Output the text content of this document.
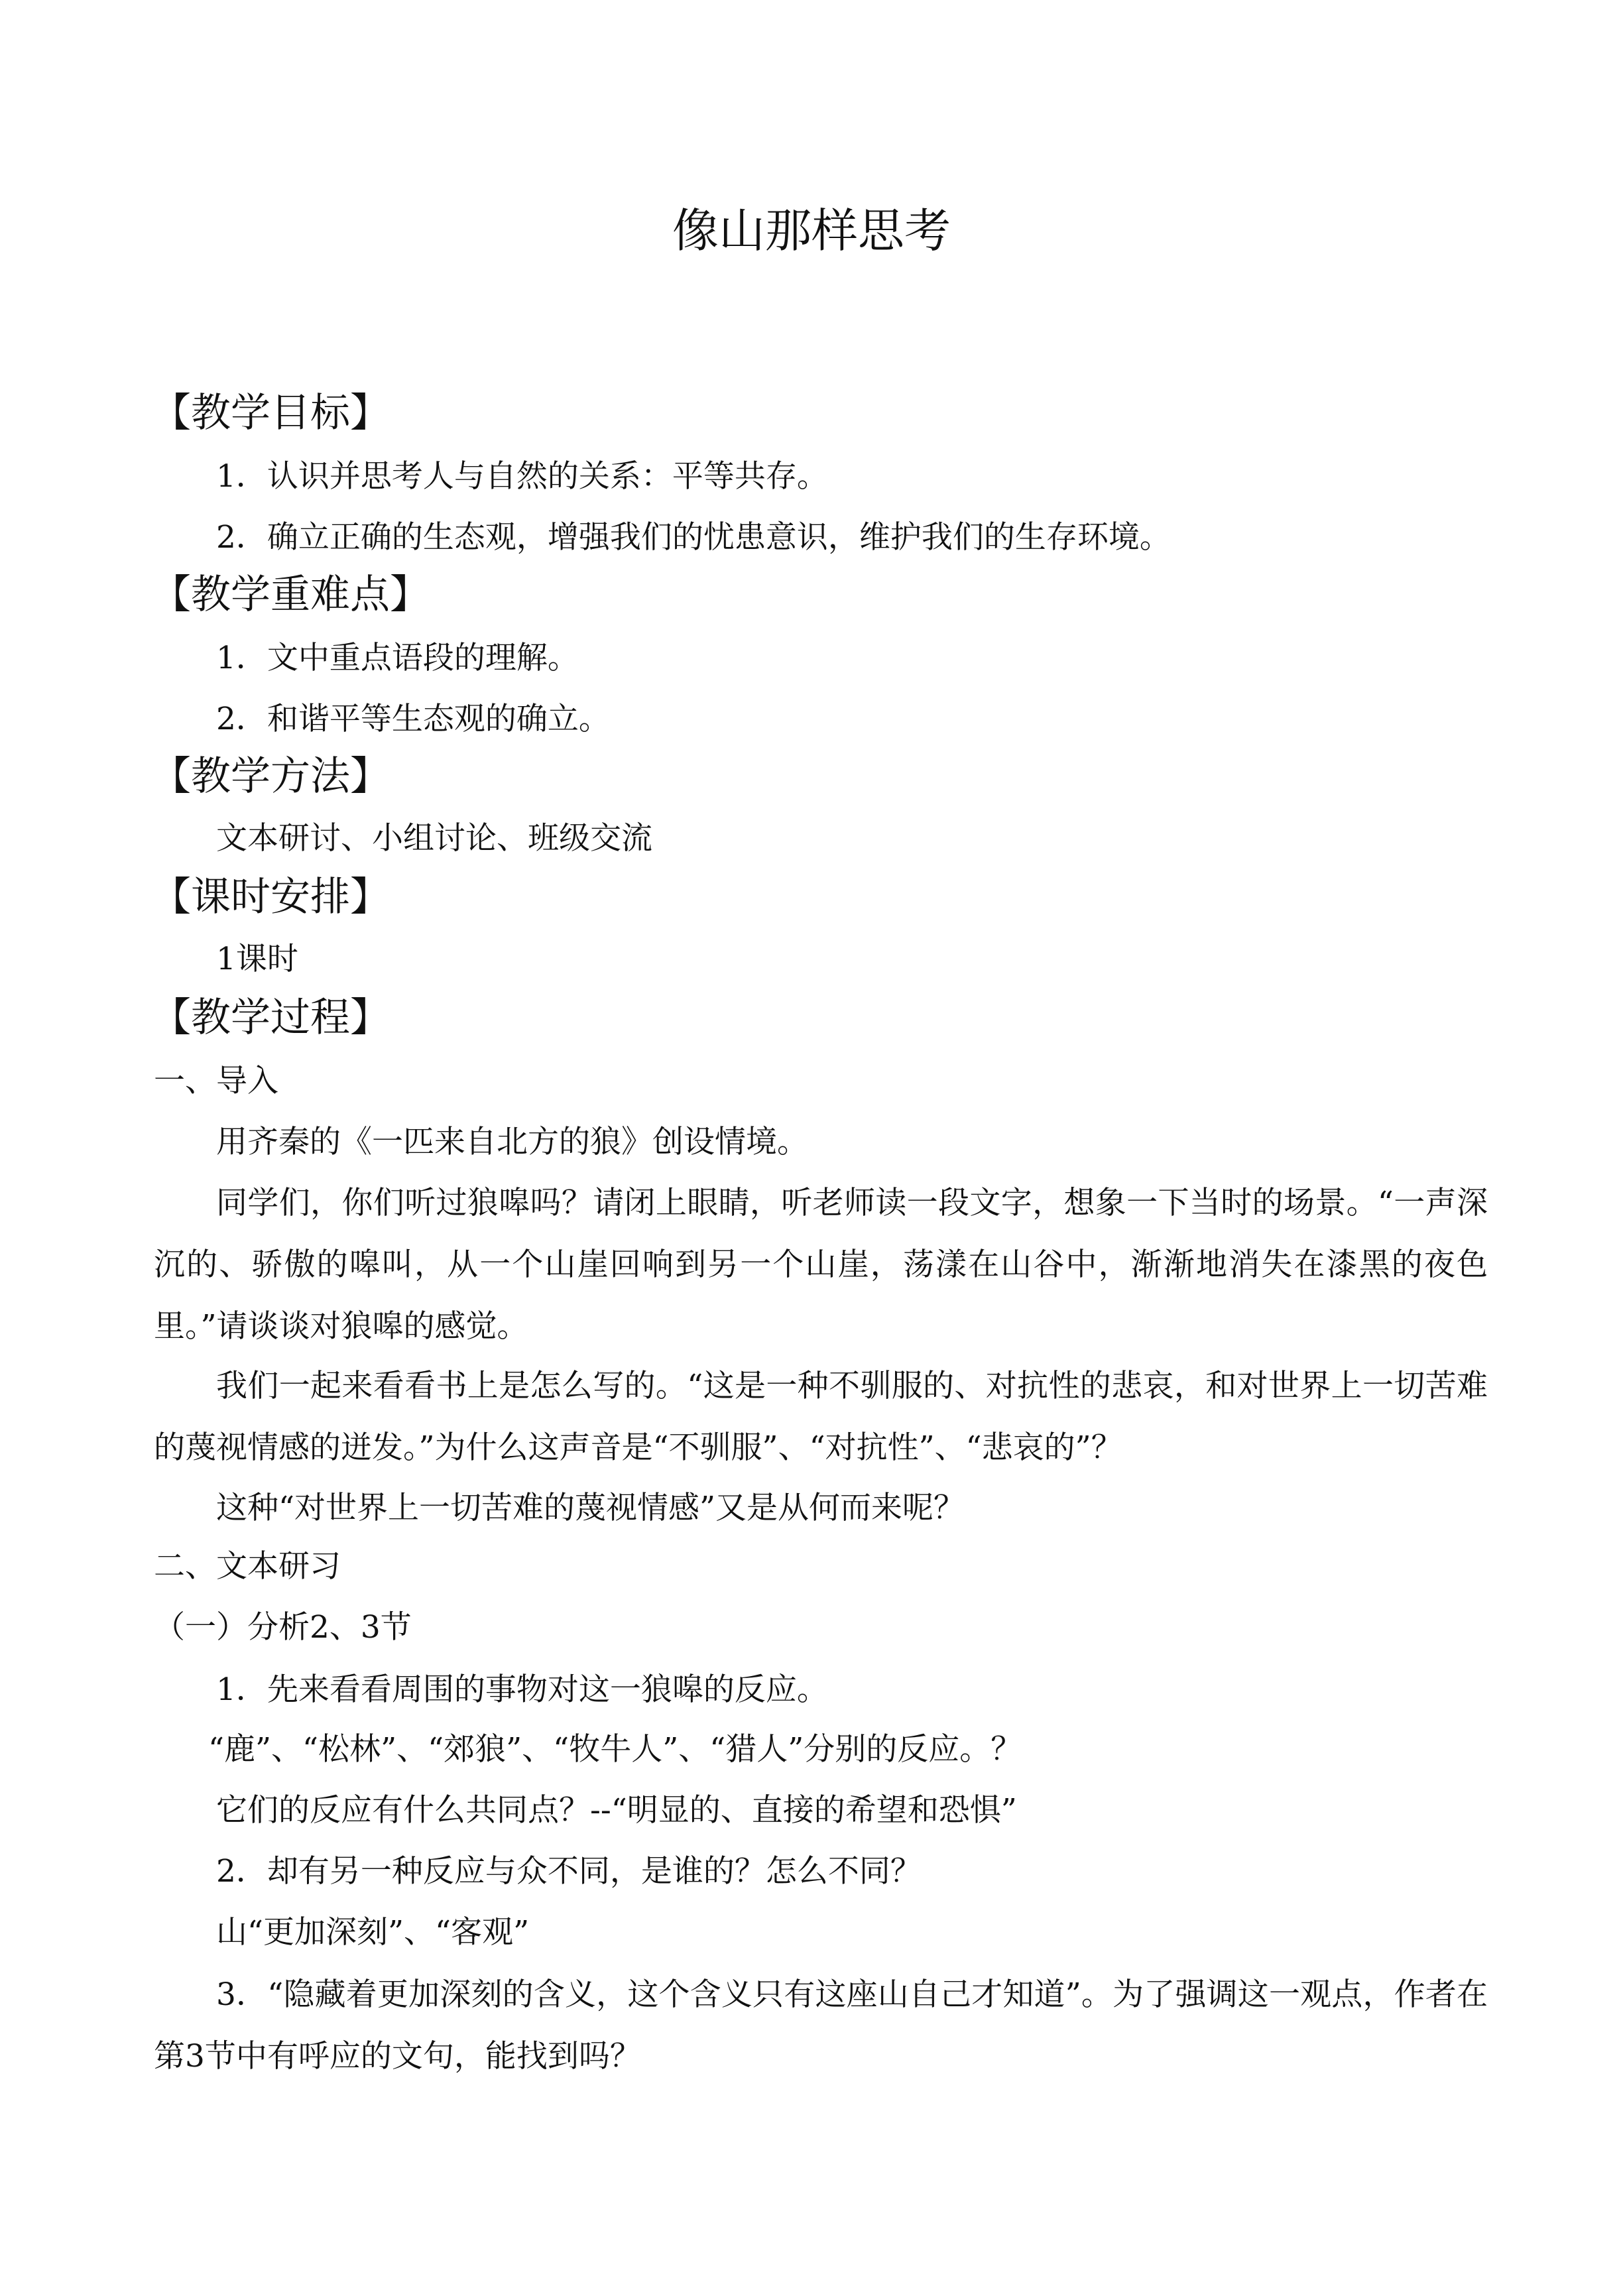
像山那样思考
【教学目标】
1．认识并思考人与自然的关系：平等共存。
2．确立正确的生态观，增强我们的忧患意识，维护我们的生存环境。
【教学重难点】
1．文中重点语段的理解。
2．和谐平等生态观的确立。
【教学方法】
文本研讨、小组讨论、班级交流
【课时安排】
1课时
【教学过程】
一、导入
用齐秦的《一匹来自北方的狼》创设情境。
同学们，你们听过狼嗥吗？请闭上眼睛，听老师读一段文字，想象一下当时的场景。“一声深沉的、骄傲的嗥叫，从一个山崖回响到另一个山崖，荡漾在山谷中，渐渐地消失在漆黑的夜色里。”请谈谈对狼嗥的感觉。
我们一起来看看书上是怎么写的。“这是一种不驯服的、对抗性的悲哀，和对世界上一切苦难的蔑视情感的迸发。”为什么这声音是“不驯服”、“对抗性”、“悲哀的”？
这种“对世界上一切苦难的蔑视情感”又是从何而来呢？
二、文本研习
（一）分析2、3节
1．先来看看周围的事物对这一狼嗥的反应。
“鹿”、“松林”、“郊狼”、“牧牛人”、“猎人”分别的反应。？
它们的反应有什么共同点？--“明显的、直接的希望和恐惧”
2．却有另一种反应与众不同，是谁的？怎么不同？
山“更加深刻”、“客观”
3．“隐藏着更加深刻的含义，这个含义只有这座山自己才知道”。为了强调这一观点，作者在第3节中有呼应的文句，能找到吗？
